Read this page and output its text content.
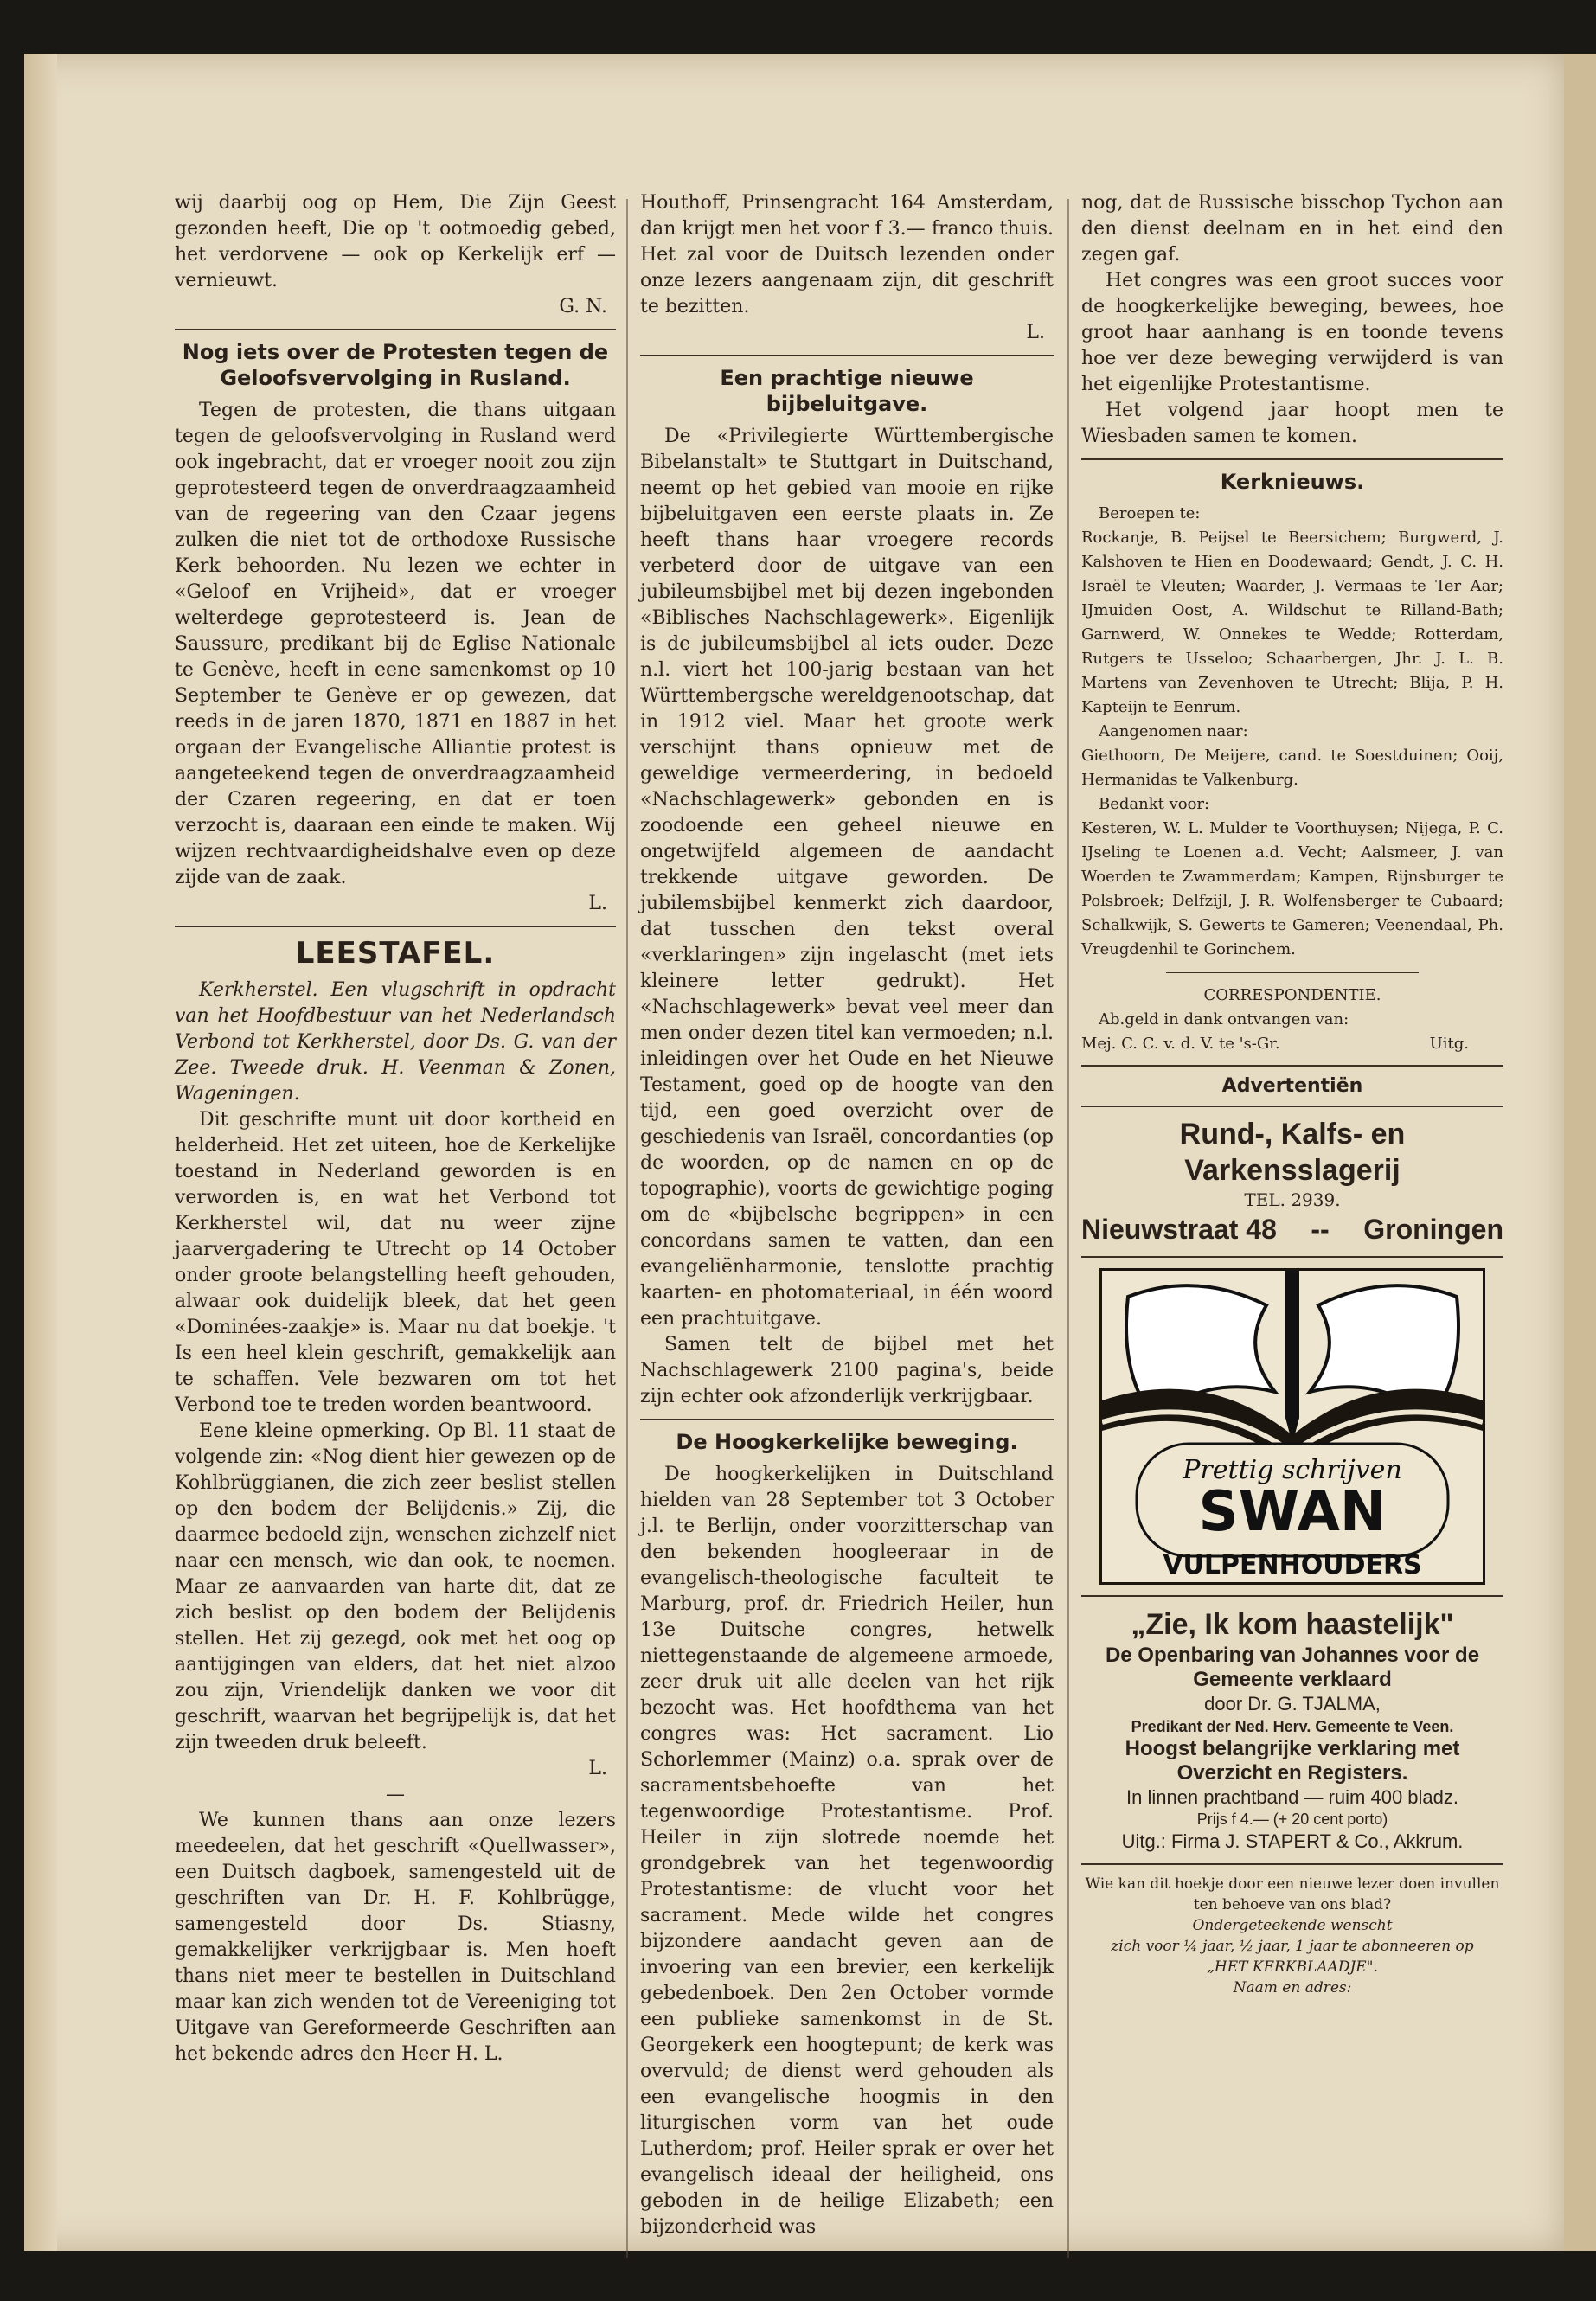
wij daarbij oog op Hem, Die Zijn Geest gezonden heeft, Die op 't ootmoedig gebed, het verdorvene — ook op Kerkelijk erf — vernieuwt.

G. N.
Nog iets over de Protesten tegen de Geloofsvervolging in Rusland.

Tegen de protesten, die thans uitgaan tegen de geloofsvervolging in Rusland werd ook ingebracht, dat er vroeger nooit zou zijn geprotesteerd tegen de onverdraagzaamheid van de regeering van den Czaar jegens zulken die niet tot de orthodoxe Russische Kerk behoorden. Nu lezen we echter in «Geloof en Vrijheid», dat er vroeger welterdege geprotesteerd is. Jean de Saussure, predikant bij de Eglise Nationale te Genève, heeft in eene samenkomst op 10 September te Genève er op gewezen, dat reeds in de jaren 1870, 1871 en 1887 in het orgaan der Evangelische Alliantie protest is aangeteekend tegen de onverdraagzaamheid der Czaren regeering, en dat er toen verzocht is, daaraan een einde te maken. Wij wijzen rechtvaardigheidshalve even op deze zijde van de zaak.

L.
LEESTAFEL.

Kerkherstel. Een vlugschrift in opdracht van het Hoofdbestuur van het Nederlandsch Verbond tot Kerkherstel, door Ds. G. van der Zee. Tweede druk. H. Veenman & Zonen, Wageningen.

Dit geschrifte munt uit door kortheid en helderheid. Het zet uiteen, hoe de Kerkelijke toestand in Nederland geworden is en verworden is, en wat het Verbond tot Kerkherstel wil, dat nu weer zijne jaarvergadering te Utrecht op 14 October onder groote belangstelling heeft gehouden, alwaar ook duidelijk bleek, dat het geen «Dominées-zaakje» is. Maar nu dat boekje. 't Is een heel klein geschrift, gemakkelijk aan te schaffen. Vele bezwaren om tot het Verbond toe te treden worden beantwoord.

Eene kleine opmerking. Op Bl. 11 staat de volgende zin: «Nog dient hier gewezen op de Kohlbrüggianen, die zich zeer beslist stellen op den bodem der Belijdenis.» Zij, die daarmee bedoeld zijn, wenschen zichzelf niet naar een mensch, wie dan ook, te noemen. Maar ze aanvaarden van harte dit, dat ze zich beslist op den bodem der Belijdenis stellen. Het zij gezegd, ook met het oog op aantijgingen van elders, dat het niet alzoo zou zijn, Vriendelijk danken we voor dit geschrift, waarvan het begrijpelijk is, dat het zijn tweeden druk beleeft.

L.
—

We kunnen thans aan onze lezers meedeelen, dat het geschrift «Quellwasser», een Duitsch dagboek, samengesteld uit de geschriften van Dr. H. F. Kohlbrügge, samengesteld door Ds. Stiasny, gemakkelijker verkrijgbaar is. Men hoeft thans niet meer te bestellen in Duitschland maar kan zich wenden tot de Vereeniging tot Uitgave van Gereformeerde Geschriften aan het bekende adres den Heer H. L.

Houthoff, Prinsengracht 164 Amsterdam, dan krijgt men het voor f 3.— franco thuis. Het zal voor de Duitsch lezenden onder onze lezers aangenaam zijn, dit geschrift te bezitten.

L.
Een prachtige nieuwe bijbeluitgave.

De «Privilegierte Württembergische Bibelanstalt» te Stuttgart in Duitschand, neemt op het gebied van mooie en rijke bijbeluitgaven een eerste plaats in. Ze heeft thans haar vroegere records verbeterd door de uitgave van een jubileumsbijbel met bij dezen ingebonden «Biblisches Nachschlagewerk». Eigenlijk is de jubileumsbijbel al iets ouder. Deze n.l. viert het 100-jarig bestaan van het Württembergsche wereldgenootschap, dat in 1912 viel. Maar het groote werk verschijnt thans opnieuw met de geweldige vermeerdering, in bedoeld «Nachschlagewerk» gebonden en is zoodoende een geheel nieuwe en ongetwijfeld algemeen de aandacht trekkende uitgave geworden. De jubilemsbijbel kenmerkt zich daardoor, dat tusschen den tekst overal «verklaringen» zijn ingelascht (met iets kleinere letter gedrukt). Het «Nachschlagewerk» bevat veel meer dan men onder dezen titel kan vermoeden; n.l. inleidingen over het Oude en het Nieuwe Testament, goed op de hoogte van den tijd, een goed overzicht over de geschiedenis van Israël, concordanties (op de woorden, op de namen en op de topographie), voorts de gewichtige poging om de «bijbelsche begrippen» in een concordans samen te vatten, dan een evangeliënharmonie, tenslotte prachtig kaarten- en photomateriaal, in één woord een prachtuitgave.

Samen telt de bijbel met het Nachschlagewerk 2100 pagina's, beide zijn echter ook afzonderlijk verkrijgbaar.

De Hoogkerkelijke beweging.

De hoogkerkelijken in Duitschland hielden van 28 September tot 3 October j.l. te Berlijn, onder voorzitterschap van den bekenden hoogleeraar in de evangelisch-theologische faculteit te Marburg, prof. dr. Friedrich Heiler, hun 13e Duitsche congres, hetwelk niettegenstaande de algemeene armoede, zeer druk uit alle deelen van het rijk bezocht was. Het hoofdthema van het congres was: Het sacrament. Lio Schorlemmer (Mainz) o.a. sprak over de sacramentsbehoefte van het tegenwoordige Protestantisme. Prof. Heiler in zijn slotrede noemde het grondgebrek van het tegenwoordig Protestantisme: de vlucht voor het sacrament. Mede wilde het congres bijzondere aandacht geven aan de invoering van een brevier, een kerkelijk gebedenboek. Den 2en October vormde een publieke samenkomst in de St. Georgekerk een hoogtepunt; de kerk was overvuld; de dienst werd gehouden als een evangelische hoogmis in den liturgischen vorm van het oude Lutherdom; prof. Heiler sprak er over het evangelisch ideaal der heiligheid, ons geboden in de heilige Elizabeth; een bijzonderheid was

nog, dat de Russische bisschop Tychon aan den dienst deelnam en in het eind den zegen gaf.

Het congres was een groot succes voor de hoogkerkelijke beweging, bewees, hoe groot haar aanhang is en toonde tevens hoe ver deze beweging verwijderd is van het eigenlijke Protestantisme.

Het volgend jaar hoopt men te Wiesbaden samen te komen.

Kerknieuws.

Beroepen te:

Rockanje, B. Peijsel te Beersichem; Burgwerd, J. Kalshoven te Hien en Doodewaard; Gendt, J. C. H. Israël te Vleuten; Waarder, J. Vermaas te Ter Aar; IJmuiden Oost, A. Wildschut te Rilland-Bath; Garnwerd, W. Onnekes te Wedde; Rotterdam, Rutgers te Usseloo; Schaarbergen, Jhr. J. L. B. Martens van Zevenhoven te Utrecht; Blija, P. H. Kapteijn te Eenrum.

Aangenomen naar:

Giethoorn, De Meijere, cand. te Soestduinen; Ooij, Hermanidas te Valkenburg.

Bedankt voor:

Kesteren, W. L. Mulder te Voorthuysen; Nijega, P. C. IJseling te Loenen a.d. Vecht; Aalsmeer, J. van Woerden te Zwammerdam; Kampen, Rijnsburger te Polsbroek; Delfzijl, J. R. Wolfensberger te Cubaard; Schalkwijk, S. Gewerts te Gameren; Veenendaal, Ph. Vreugdenhil te Gorinchem.

CORRESPONDENTIE.

Ab.geld in dank ontvangen van:

Mej. C. C. v. d. V. te 's-Gr.	Uitg.
Advertentiën
Rund-, Kalfs- en Varkensslagerij
TEL. 2939.
Nieuwstraat 48 -- Groningen
Prettig schrijven
SWAN
VULPENHOUDERS

„Zie, Ik kom haastelijk"

De Openbaring van Johannes voor de Gemeente verklaard

door Dr. G. TJALMA,

Predikant der Ned. Herv. Gemeente te Veen.

Hoogst belangrijke verklaring met Overzicht en Registers.

In linnen prachtband — ruim 400 bladz.

Prijs f 4.— (+ 20 cent porto)

Uitg.: Firma J. STAPERT & Co., Akkrum.

Wie kan dit hoekje door een nieuwe lezer doen invullen ten behoeve van ons blad?

Ondergeteekende wenscht

zich voor ¼ jaar, ½ jaar, 1 jaar te abonneeren op

„HET KERKBLAADJE".

Naam en adres:
